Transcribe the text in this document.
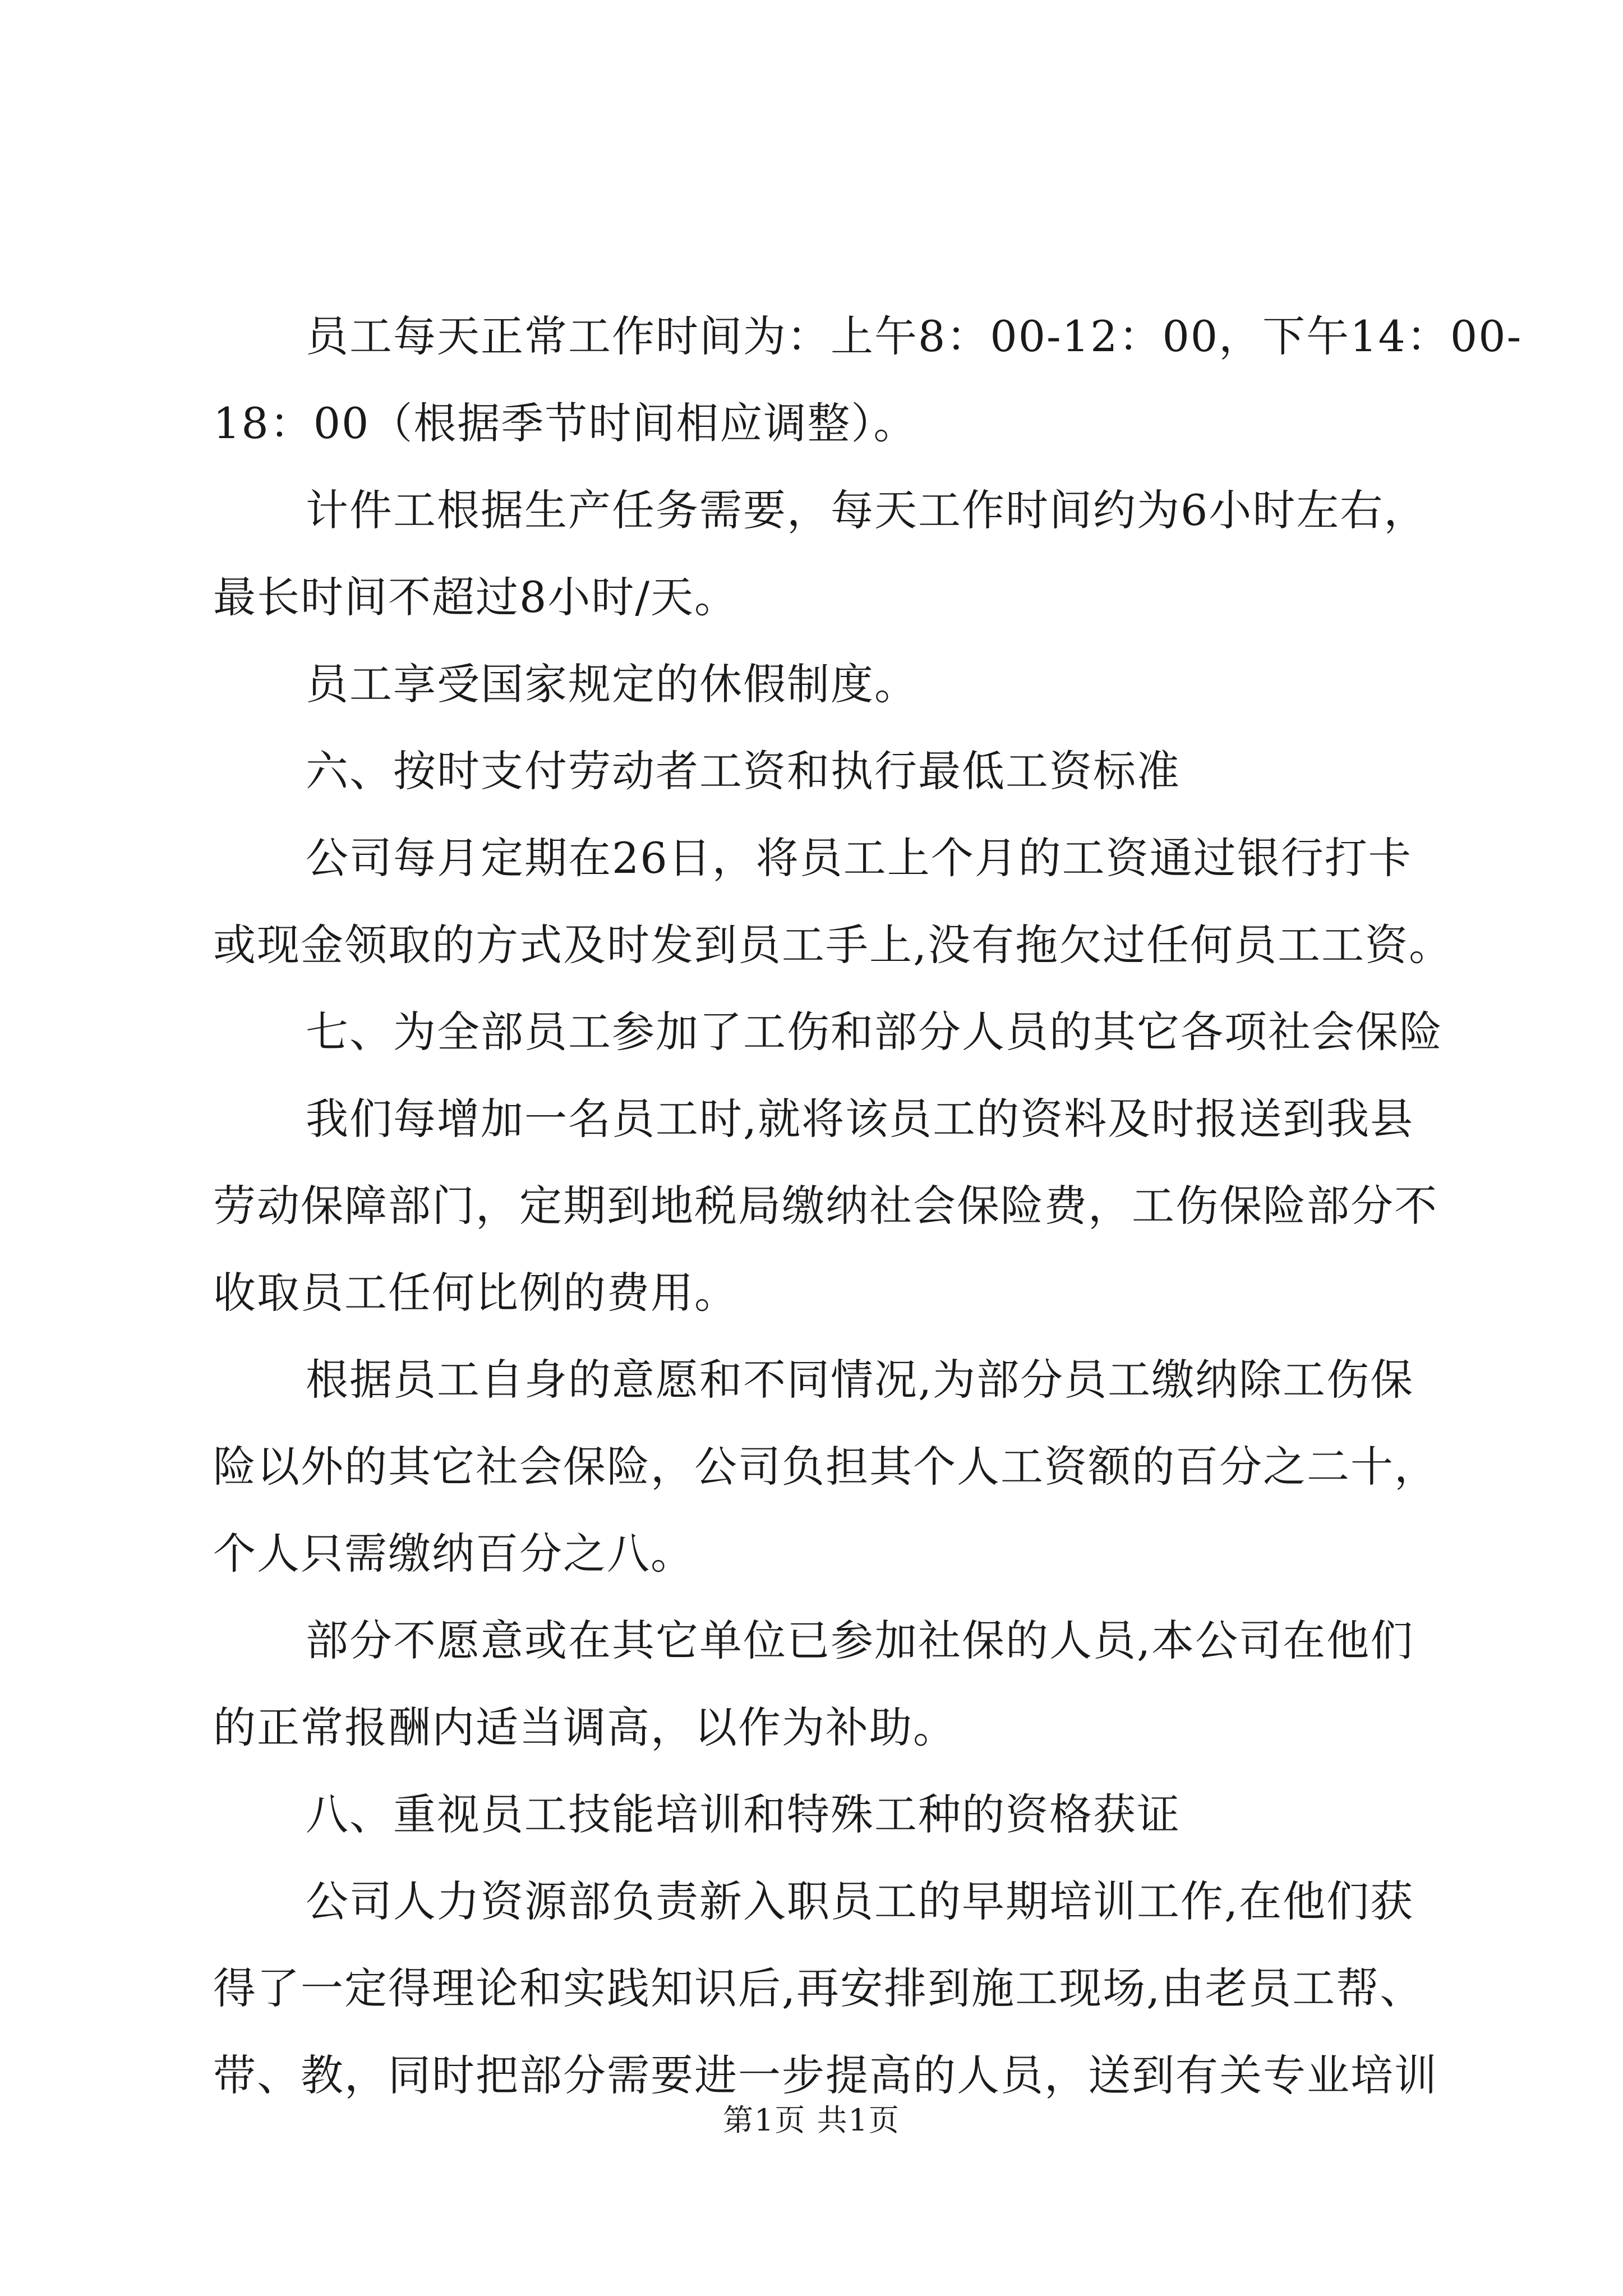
员工每天正常工作时间为：上午8：00-12：00，下午14：00-
18：00（根据季节时间相应调整）。
计件工根据生产任务需要，每天工作时间约为6小时左右，
最长时间不超过8小时/天。
员工享受国家规定的休假制度。
六、按时支付劳动者工资和执行最低工资标准
公司每月定期在26日，将员工上个月的工资通过银行打卡
或现金领取的方式及时发到员工手上,没有拖欠过任何员工工资。
七、为全部员工参加了工伤和部分人员的其它各项社会保险
我们每增加一名员工时,就将该员工的资料及时报送到我县
劳动保障部门，定期到地税局缴纳社会保险费，工伤保险部分不
收取员工任何比例的费用。
根据员工自身的意愿和不同情况,为部分员工缴纳除工伤保
险以外的其它社会保险，公司负担其个人工资额的百分之二十，
个人只需缴纳百分之八。
部分不愿意或在其它单位已参加社保的人员,本公司在他们
的正常报酬内适当调高，以作为补助。
八、重视员工技能培训和特殊工种的资格获证
公司人力资源部负责新入职员工的早期培训工作,在他们获
得了一定得理论和实践知识后,再安排到施工现场,由老员工帮、
带、教，同时把部分需要进一步提高的人员，送到有关专业培训
第1页 共1页
